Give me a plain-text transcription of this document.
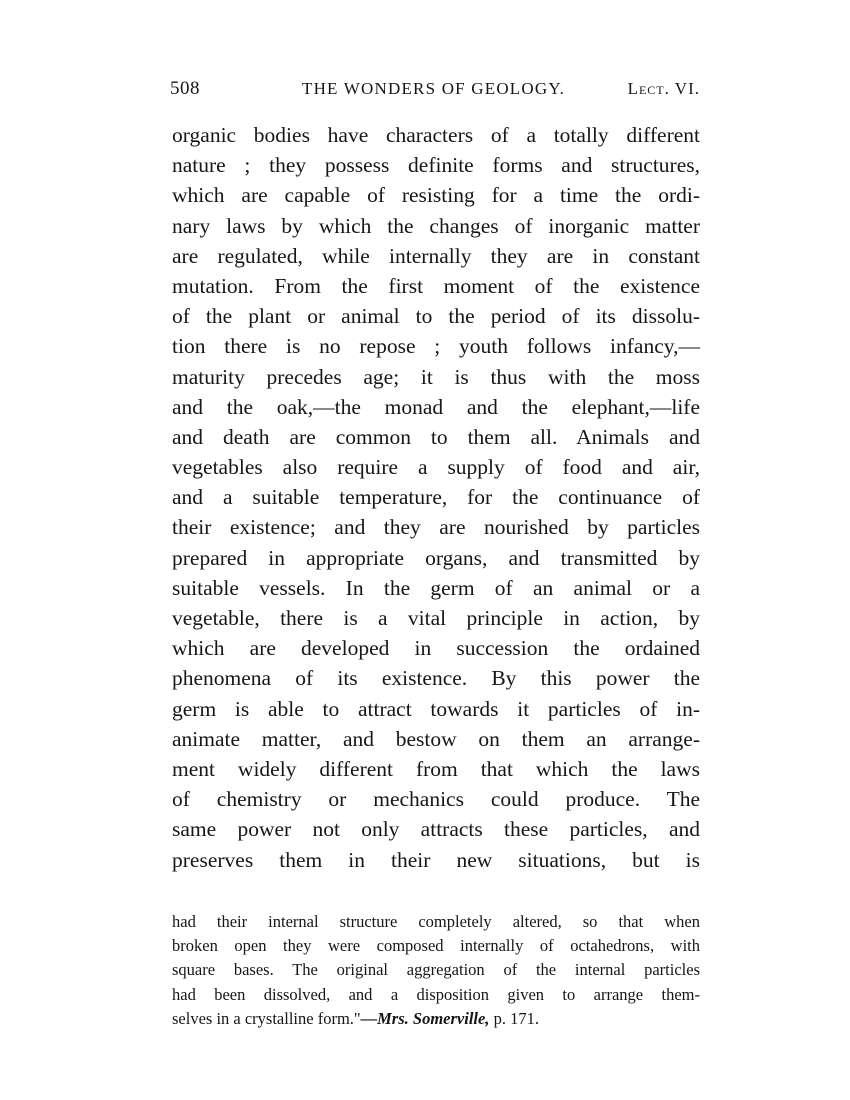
508	THE WONDERS OF GEOLOGY.	Lect. VI.
organic bodies have characters of a totally different
nature ; they possess definite forms and structures,
which are capable of resisting for a time the ordi-
nary laws by which the changes of inorganic matter
are regulated, while internally they are in constant
mutation. From the first moment of the existence
of the plant or animal to the period of its dissolu-
tion there is no repose ; youth follows infancy,—
maturity precedes age; it is thus with the moss
and the oak,—the monad and the elephant,—life
and death are common to them all. Animals and
vegetables also require a supply of food and air,
and a suitable temperature, for the continuance of
their existence; and they are nourished by particles
prepared in appropriate organs, and transmitted by
suitable vessels. In the germ of an animal or a
vegetable, there is a vital principle in action, by
which are developed in succession the ordained
phenomena of its existence. By this power the
germ is able to attract towards it particles of in-
animate matter, and bestow on them an arrange-
ment widely different from that which the laws
of chemistry or mechanics could produce. The
same power not only attracts these particles, and
preserves them in their new situations, but is
had their internal structure completely altered, so that when
broken open they were composed internally of octahedrons, with
square bases. The original aggregation of the internal particles
had been dissolved, and a disposition given to arrange them-
selves in a crystalline form."—Mrs. Somerville, p. 171.
